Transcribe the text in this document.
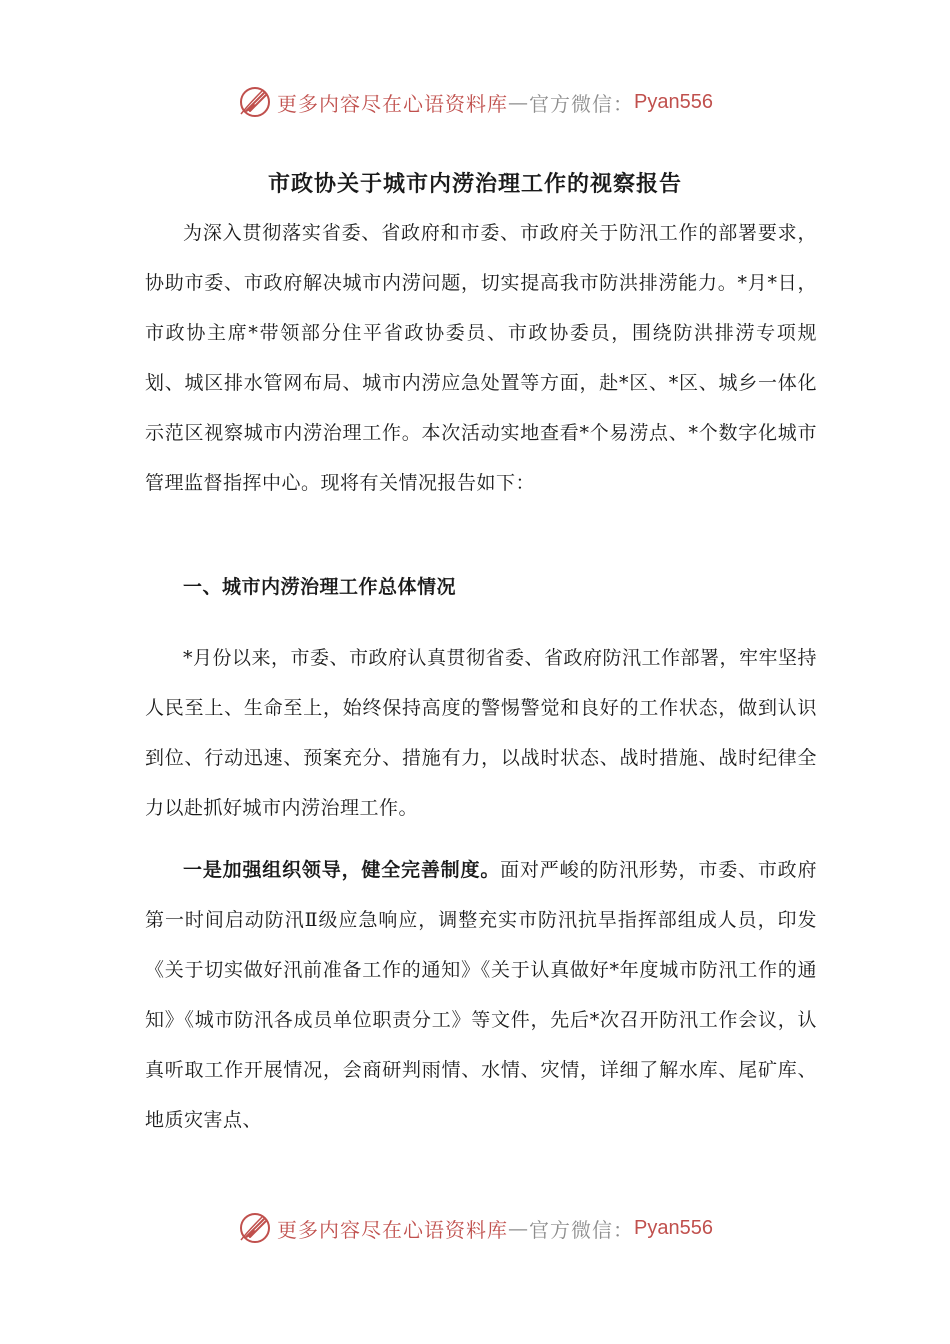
更多内容尽在心语资料库 — 官方微信： Pyan556
市政协关于城市内涝治理工作的视察报告

为深入贯彻落实省委、省政府和市委、市政府关于防汛工作的部署要求，协助市委、市政府解决城市内涝问题，切实提高我市防洪排涝能力。*月*日，市政协主席*带领部分住平省政协委员、市政协委员，围绕防洪排涝专项规划、城区排水管网布局、城市内涝应急处置等方面，赴*区、*区、城乡一体化示范区视察城市内涝治理工作。本次活动实地查看*个易涝点、*个数字化城市管理监督指挥中心。现将有关情况报告如下：

一、城市内涝治理工作总体情况

*月份以来，市委、市政府认真贯彻省委、省政府防汛工作部署，牢牢坚持人民至上、生命至上，始终保持高度的警惕警觉和良好的工作状态，做到认识到位、行动迅速、预案充分、措施有力，以战时状态、战时措施、战时纪律全力以赴抓好城市内涝治理工作。

一是加强组织领导，健全完善制度。面对严峻的防汛形势，市委、市政府第一时间启动防汛Ⅱ级应急响应，调整充实市防汛抗旱指挥部组成人员，印发《关于切实做好汛前准备工作的通知》《关于认真做好*年度城市防汛工作的通知》《城市防汛各成员单位职责分工》等文件，先后*次召开防汛工作会议，认真听取工作开展情况，会商研判雨情、水情、灾情，详细了解水库、尾矿库、地质灾害点、

更多内容尽在心语资料库 — 官方微信： Pyan556
